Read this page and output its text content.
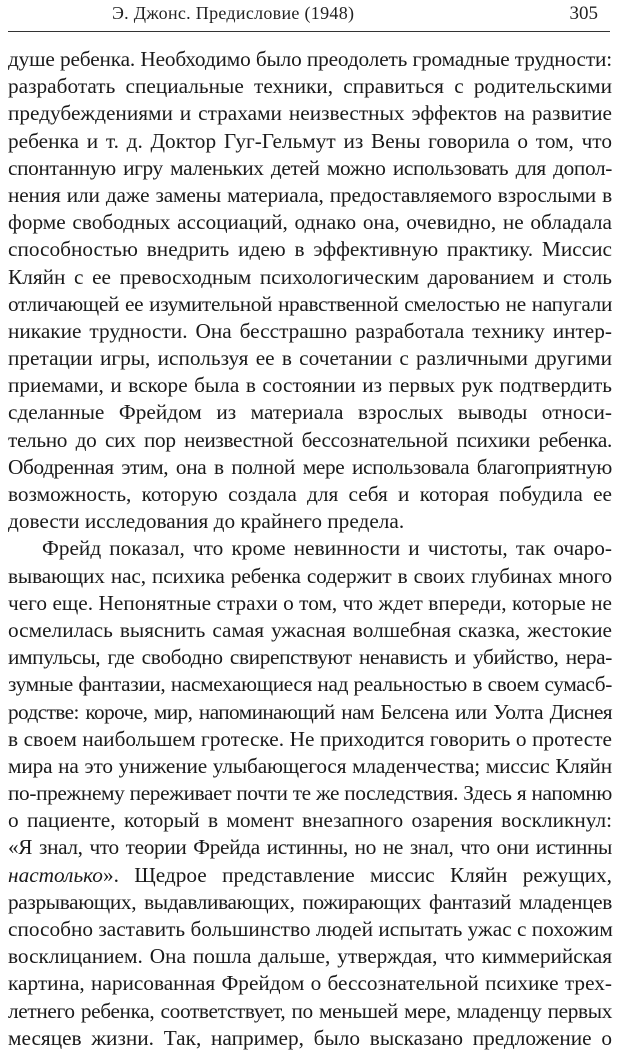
Э. Джонс. Предисловие (1948)	305
душе ребенка. Необходимо было преодолеть громадные трудности:
разработать специальные техники, справиться с родительскими
предубеждениями и страхами неизвестных эффектов на развитие
ребенка и т. д. Доктор Гуг-Гельмут из Вены говорила о том, что
спонтанную игру маленьких детей можно использовать для допол-
нения или даже замены материала, предоставляемого взрослыми в
форме свободных ассоциаций, однако она, очевидно, не обладала
способностью внедрить идею в эффективную практику. Миссис
Кляйн с ее превосходным психологическим дарованием и столь
отличающей ее изумительной нравственной смелостью не напугали
никакие трудности. Она бесстрашно разработала технику интер-
претации игры, используя ее в сочетании с различными другими
приемами, и вскоре была в состоянии из первых рук подтвердить
сделанные Фрейдом из материала взрослых выводы относи-
тельно до сих пор неизвестной бессознательной психики ребенка.
Ободренная этим, она в полной мере использовала благоприятную
возможность, которую создала для себя и которая побудила ее
довести исследования до крайнего предела.
Фрейд показал, что кроме невинности и чистоты, так очаро-
вывающих нас, психика ребенка содержит в своих глубинах много
чего еще. Непонятные страхи о том, что ждет впереди, которые не
осмелилась выяснить самая ужасная волшебная сказка, жестокие
импульсы, где свободно свирепствуют ненависть и убийство, нера-
зумные фантазии, насмехающиеся над реальностью в своем сумасб-
родстве: короче, мир, напоминающий нам Белсена или Уолта Диснея
в своем наибольшем гротеске. Не приходится говорить о протесте
мира на это унижение улыбающегося младенчества; миссис Кляйн
по-прежнему переживает почти те же последствия. Здесь я напомню
о пациенте, который в момент внезапного озарения воскликнул:
«Я знал, что теории Фрейда истинны, но не знал, что они истинны
настолько». Щедрое представление миссис Кляйн режущих,
разрывающих, выдавливающих, пожирающих фантазий младенцев
способно заставить большинство людей испытать ужас с похожим
восклицанием. Она пошла дальше, утверждая, что киммерийская
картина, нарисованная Фрейдом о бессознательной психике трех-
летнего ребенка, соответствует, по меньшей мере, младенцу первых
месяцев жизни. Так, например, было высказано предложение о
